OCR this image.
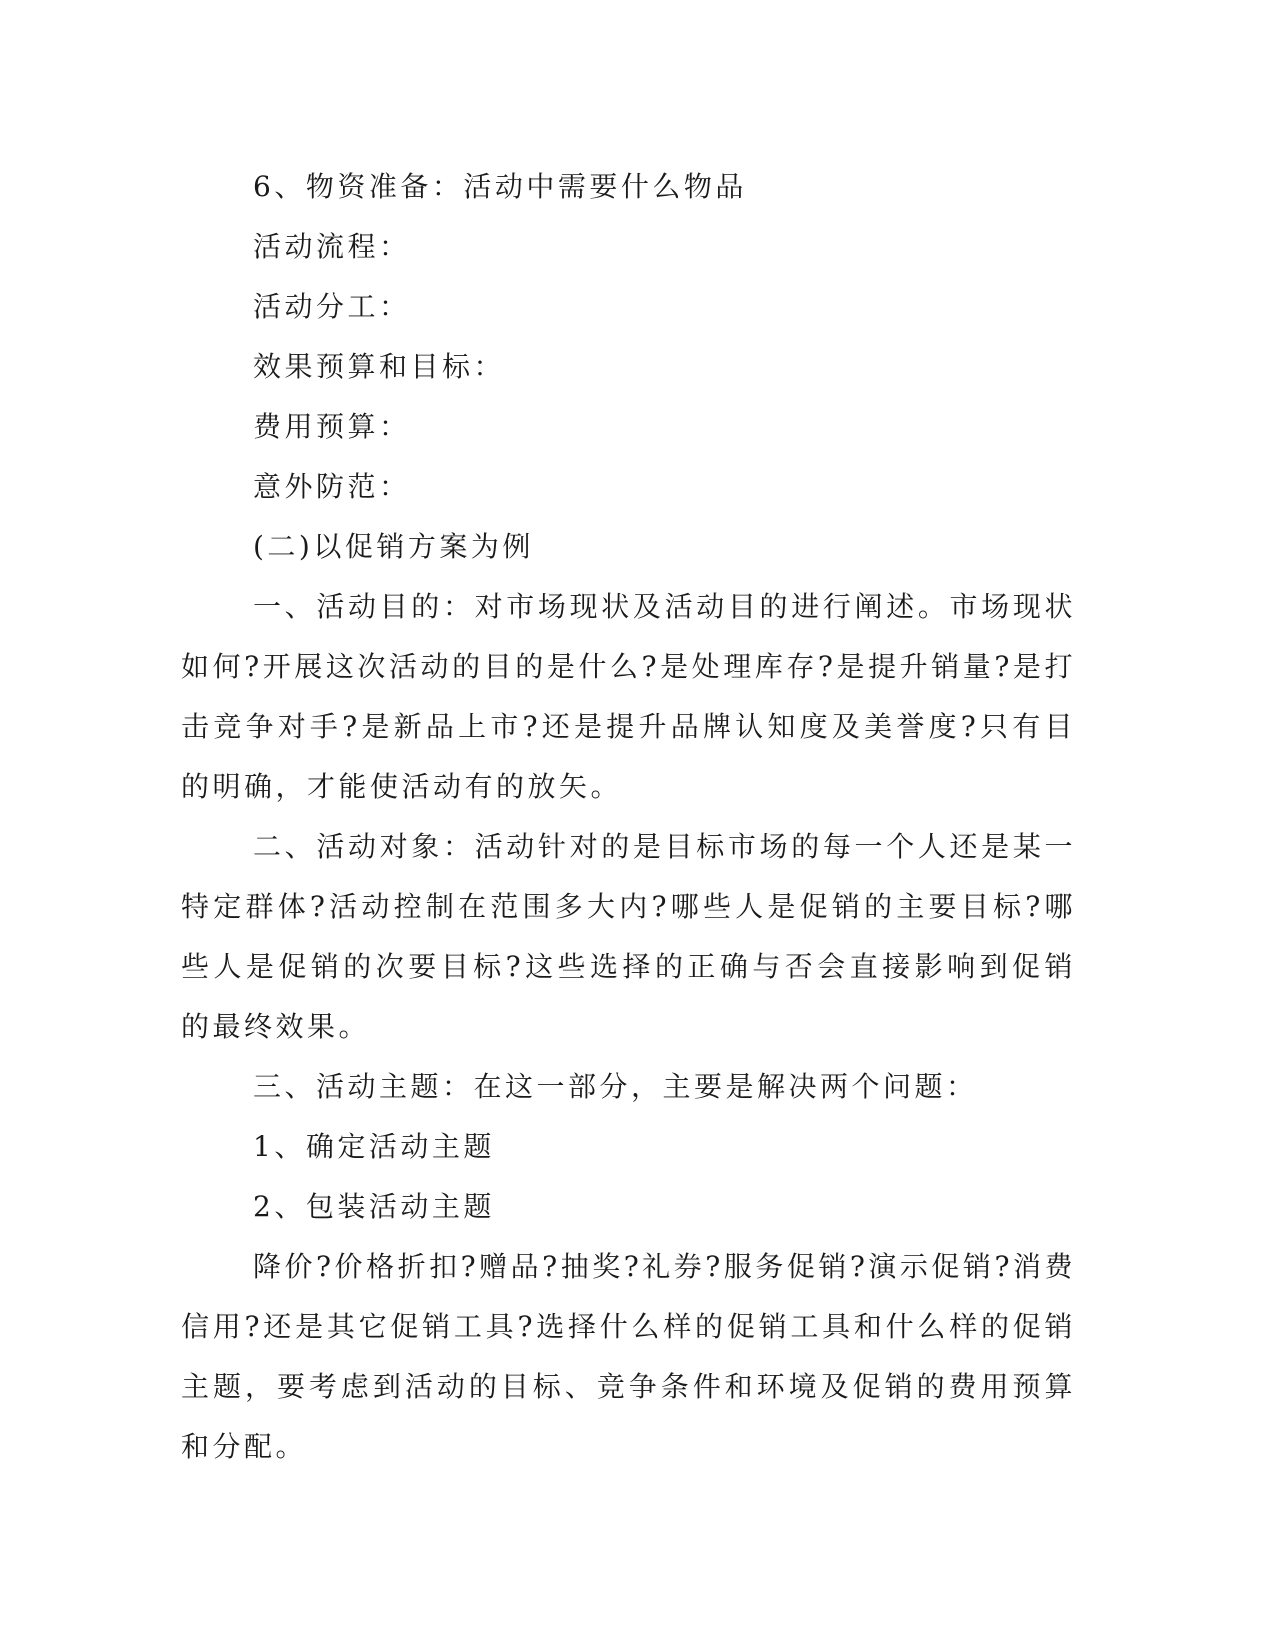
6、物资准备：活动中需要什么物品

活动流程：

活动分工：

效果预算和目标：

费用预算：

意外防范：

(二)以促销方案为例

一、活动目的：对市场现状及活动目的进行阐述。市场现状如何?开展这次活动的目的是什么?是处理库存?是提升销量?是打击竞争对手?是新品上市?还是提升品牌认知度及美誉度?只有目的明确，才能使活动有的放矢。

二、活动对象：活动针对的是目标市场的每一个人还是某一特定群体?活动控制在范围多大内?哪些人是促销的主要目标?哪些人是促销的次要目标?这些选择的正确与否会直接影响到促销的最终效果。

三、活动主题：在这一部分，主要是解决两个问题：

1、确定活动主题

2、包装活动主题

降价?价格折扣?赠品?抽奖?礼券?服务促销?演示促销?消费信用?还是其它促销工具?选择什么样的促销工具和什么样的促销主题，要考虑到活动的目标、竞争条件和环境及促销的费用预算和分配。
